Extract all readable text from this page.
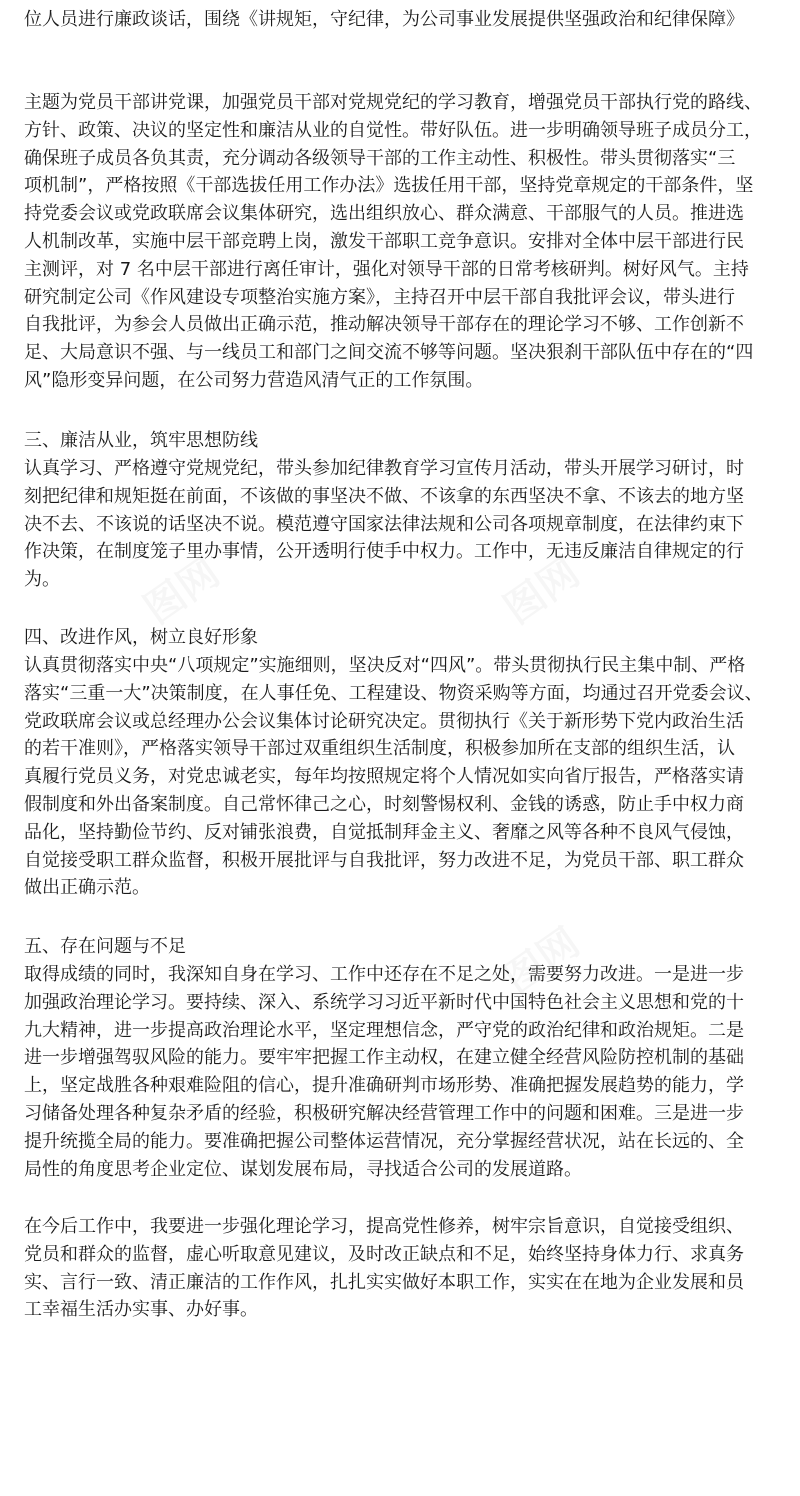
位人员进行廉政谈话，围绕《讲规矩，守纪律，为公司事业发展提供坚强政治和纪律保障》
主题为党员干部讲党课，加强党员干部对党规党纪的学习教育，增强党员干部执行党的路线、
方针、政策、决议的坚定性和廉洁从业的自觉性。带好队伍。进一步明确领导班子成员分工，
确保班子成员各负其责，充分调动各级领导干部的工作主动性、积极性。带头贯彻落实“三
项机制”，严格按照《干部选拔任用工作办法》选拔任用干部，坚持党章规定的干部条件，坚
持党委会议或党政联席会议集体研究，选出组织放心、群众满意、干部服气的人员。推进选
人机制改革，实施中层干部竞聘上岗，激发干部职工竞争意识。安排对全体中层干部进行民
主测评，对 7 名中层干部进行离任审计，强化对领导干部的日常考核研判。树好风气。主持
研究制定公司《作风建设专项整治实施方案》，主持召开中层干部自我批评会议，带头进行
自我批评，为参会人员做出正确示范，推动解决领导干部存在的理论学习不够、工作创新不
足、大局意识不强、与一线员工和部门之间交流不够等问题。坚决狠刹干部队伍中存在的“四
风”隐形变异问题，在公司努力营造风清气正的工作氛围。
三、廉洁从业，筑牢思想防线
认真学习、严格遵守党规党纪，带头参加纪律教育学习宣传月活动，带头开展学习研讨，时
刻把纪律和规矩挺在前面，不该做的事坚决不做、不该拿的东西坚决不拿、不该去的地方坚
决不去、不该说的话坚决不说。模范遵守国家法律法规和公司各项规章制度，在法律约束下
作决策，在制度笼子里办事情，公开透明行使手中权力。工作中，无违反廉洁自律规定的行
为。
四、改进作风，树立良好形象
认真贯彻落实中央“八项规定”实施细则，坚决反对“四风”。带头贯彻执行民主集中制、严格
落实“三重一大”决策制度，在人事任免、工程建设、物资采购等方面，均通过召开党委会议、
党政联席会议或总经理办公会议集体讨论研究决定。贯彻执行《关于新形势下党内政治生活
的若干准则》，严格落实领导干部过双重组织生活制度，积极参加所在支部的组织生活，认
真履行党员义务，对党忠诚老实，每年均按照规定将个人情况如实向省厅报告，严格落实请
假制度和外出备案制度。自己常怀律己之心，时刻警惕权利、金钱的诱惑，防止手中权力商
品化，坚持勤俭节约、反对铺张浪费，自觉抵制拜金主义、奢靡之风等各种不良风气侵蚀，
自觉接受职工群众监督，积极开展批评与自我批评，努力改进不足，为党员干部、职工群众
做出正确示范。
五、存在问题与不足
取得成绩的同时，我深知自身在学习、工作中还存在不足之处，需要努力改进。一是进一步
加强政治理论学习。要持续、深入、系统学习习近平新时代中国特色社会主义思想和党的十
九大精神，进一步提高政治理论水平，坚定理想信念，严守党的政治纪律和政治规矩。二是
进一步增强驾驭风险的能力。要牢牢把握工作主动权，在建立健全经营风险防控机制的基础
上，坚定战胜各种艰难险阻的信心，提升准确研判市场形势、准确把握发展趋势的能力，学
习储备处理各种复杂矛盾的经验，积极研究解决经营管理工作中的问题和困难。三是进一步
提升统揽全局的能力。要准确把握公司整体运营情况，充分掌握经营状况，站在长远的、全
局性的角度思考企业定位、谋划发展布局，寻找适合公司的发展道路。
在今后工作中，我要进一步强化理论学习，提高党性修养，树牢宗旨意识，自觉接受组织、
党员和群众的监督，虚心听取意见建议，及时改正缺点和不足，始终坚持身体力行、求真务
实、言行一致、清正廉洁的工作作风，扎扎实实做好本职工作，实实在在地为企业发展和员
工幸福生活办实事、办好事。
